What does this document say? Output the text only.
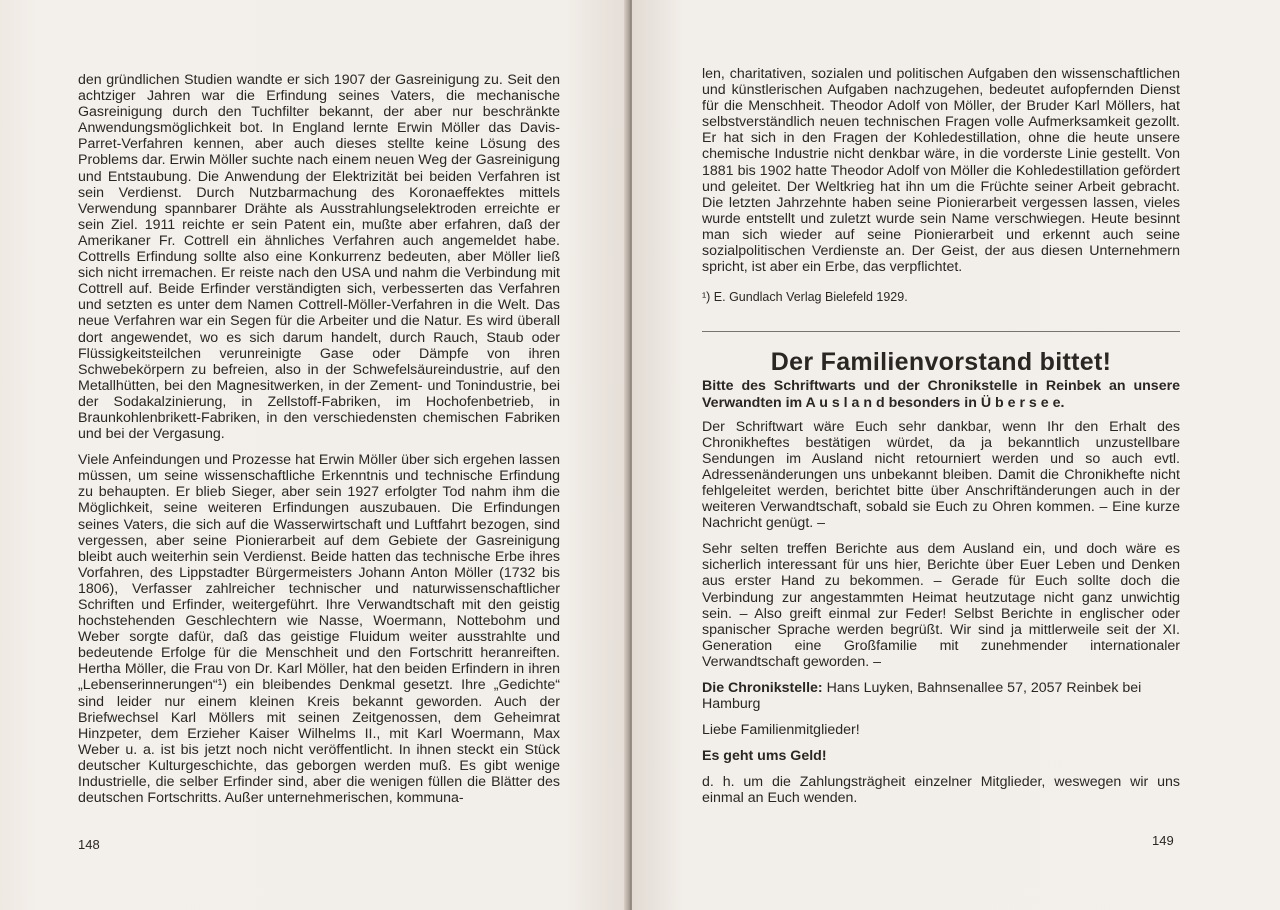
den gründlichen Studien wandte er sich 1907 der Gasreinigung zu. Seit den achtziger Jahren war die Erfindung seines Vaters, die mechanische Gasreinigung durch den Tuchfilter bekannt, der aber nur beschränkte Anwendungsmöglichkeit bot. In England lernte Erwin Möller das Davis-Parret-Verfahren kennen, aber auch dieses stellte keine Lösung des Problems dar. Erwin Möller suchte nach einem neuen Weg der Gasreinigung und Entstaubung. Die Anwendung der Elektrizität bei beiden Verfahren ist sein Verdienst. Durch Nutzbarmachung des Koronaeffektes mittels Verwendung spannbarer Drähte als Ausstrahlungselektroden erreichte er sein Ziel. 1911 reichte er sein Patent ein, mußte aber erfahren, daß der Amerikaner Fr. Cottrell ein ähnliches Verfahren auch angemeldet habe. Cottrells Erfindung sollte also eine Konkurrenz bedeuten, aber Möller ließ sich nicht irremachen. Er reiste nach den USA und nahm die Verbindung mit Cottrell auf. Beide Erfinder verständigten sich, verbesserten das Verfahren und setzten es unter dem Namen Cottrell-Möller-Verfahren in die Welt. Das neue Verfahren war ein Segen für die Arbeiter und die Natur. Es wird überall dort angewendet, wo es sich darum handelt, durch Rauch, Staub oder Flüssigkeitsteilchen verunreinigte Gase oder Dämpfe von ihren Schwebekörpern zu befreien, also in der Schwefelsäureindustrie, auf den Metallhütten, bei den Magnesitwerken, in der Zement- und Tonindustrie, bei der Sodakalzinierung, in Zellstoff-Fabriken, im Hochofenbetrieb, in Braunkohlenbrikett-Fabriken, in den verschiedensten chemischen Fabriken und bei der Vergasung.

Viele Anfeindungen und Prozesse hat Erwin Möller über sich ergehen lassen müssen, um seine wissenschaftliche Erkenntnis und technische Erfindung zu behaupten. Er blieb Sieger, aber sein 1927 erfolgter Tod nahm ihm die Möglichkeit, seine weiteren Erfindungen auszubauen. Die Erfindungen seines Vaters, die sich auf die Wasserwirtschaft und Luftfahrt bezogen, sind vergessen, aber seine Pionierarbeit auf dem Gebiete der Gasreinigung bleibt auch weiterhin sein Verdienst. Beide hatten das technische Erbe ihres Vorfahren, des Lippstadter Bürgermeisters Johann Anton Möller (1732 bis 1806), Verfasser zahlreicher technischer und naturwissenschaftlicher Schriften und Erfinder, weitergeführt. Ihre Verwandtschaft mit den geistig hochstehenden Geschlechtern wie Nasse, Woermann, Nottebohm und Weber sorgte dafür, daß das geistige Fluidum weiter ausstrahlte und bedeutende Erfolge für die Menschheit und den Fortschritt heranreiften. Hertha Möller, die Frau von Dr. Karl Möller, hat den beiden Erfindern in ihren „Lebenserinnerungen“¹) ein bleibendes Denkmal gesetzt. Ihre „Gedichte“ sind leider nur einem kleinen Kreis bekannt geworden. Auch der Briefwechsel Karl Möllers mit seinen Zeitgenossen, dem Geheimrat Hinzpeter, dem Erzieher Kaiser Wilhelms II., mit Karl Woermann, Max Weber u. a. ist bis jetzt noch nicht veröffentlicht. In ihnen steckt ein Stück deutscher Kulturgeschichte, das geborgen werden muß. Es gibt wenige Industrielle, die selber Erfinder sind, aber die wenigen füllen die Blätter des deutschen Fortschritts. Außer unternehmerischen, kommuna-

148

len, charitativen, sozialen und politischen Aufgaben den wissenschaftlichen und künstlerischen Aufgaben nachzugehen, bedeutet aufopfernden Dienst für die Menschheit. Theodor Adolf von Möller, der Bruder Karl Möllers, hat selbstverständlich neuen technischen Fragen volle Aufmerksamkeit gezollt. Er hat sich in den Fragen der Kohledestillation, ohne die heute unsere chemische Industrie nicht denkbar wäre, in die vorderste Linie gestellt. Von 1881 bis 1902 hatte Theodor Adolf von Möller die Kohledestillation gefördert und geleitet. Der Weltkrieg hat ihn um die Früchte seiner Arbeit gebracht. Die letzten Jahrzehnte haben seine Pionierarbeit vergessen lassen, vieles wurde entstellt und zuletzt wurde sein Name verschwiegen. Heute besinnt man sich wieder auf seine Pionierarbeit und erkennt auch seine sozialpolitischen Verdienste an. Der Geist, der aus diesen Unternehmern spricht, ist aber ein Erbe, das verpflichtet.

¹) E. Gundlach Verlag Bielefeld 1929.

Der Familienvorstand bittet!

Bitte des Schriftwarts und der Chronikstelle in Reinbek an unsere Verwandten im A u s l a n d besonders in Ü b e r s e e.

Der Schriftwart wäre Euch sehr dankbar, wenn Ihr den Erhalt des Chronikheftes bestätigen würdet, da ja bekanntlich unzustellbare Sendungen im Ausland nicht retourniert werden und so auch evtl. Adressenänderungen uns unbekannt bleiben. Damit die Chronikhefte nicht fehlgeleitet werden, berichtet bitte über Anschriftänderungen auch in der weiteren Verwandtschaft, sobald sie Euch zu Ohren kommen. – Eine kurze Nachricht genügt. –

Sehr selten treffen Berichte aus dem Ausland ein, und doch wäre es sicherlich interessant für uns hier, Berichte über Euer Leben und Denken aus erster Hand zu bekommen. – Gerade für Euch sollte doch die Verbindung zur angestammten Heimat heutzutage nicht ganz unwichtig sein. – Also greift einmal zur Feder! Selbst Berichte in englischer oder spanischer Sprache werden begrüßt. Wir sind ja mittlerweile seit der XI. Generation eine Großfamilie mit zunehmender internationaler Verwandtschaft geworden. –

Die Chronikstelle: Hans Luyken, Bahnsenallee 57, 2057 Reinbek bei Hamburg

Liebe Familienmitglieder!

Es geht ums Geld!

d. h. um die Zahlungsträgheit einzelner Mitglieder, weswegen wir uns einmal an Euch wenden.

149
